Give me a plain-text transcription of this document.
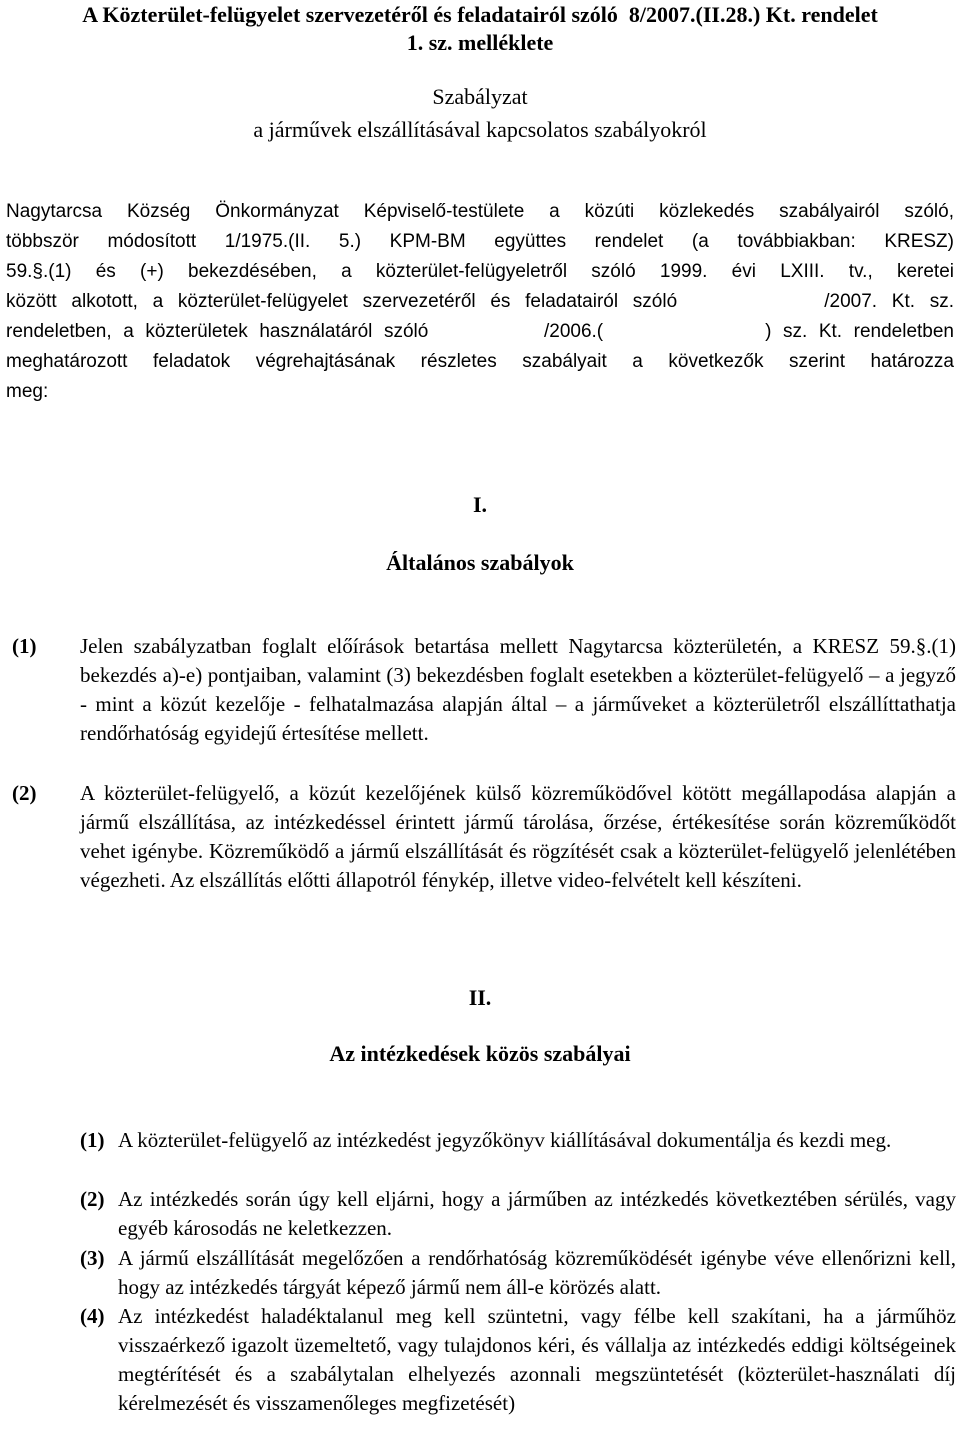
A Közterület-felügyelet szervezetéről és feladatairól szóló  8/2007.(II.28.) Kt. rendelet
1. sz. melléklete
Szabályzat
a járművek elszállításával kapcsolatos szabályokról
Nagytarcsa Község Önkormányzat Képviselő-testülete a közúti közlekedés szabályairól szóló,
többször módosított 1/1975.(II. 5.) KPM-BM együttes rendelet (a továbbiakban: KRESZ)
59.§.(1) és (+) bekezdésében, a közterület-felügyeletről szóló 1999. évi LXIII. tv., keretei
között alkotott, a közterület-felügyelet szervezetéről és feladatairól szóló          /2007. Kt. sz.
rendeletben, a közterületek használatáról szóló          /2006.(              ) sz. Kt. rendeletben
meghatározott feladatok végrehajtásának részletes szabályait a következők szerint határozza
meg:
I.
Általános szabályok
(1) Jelen szabályzatban foglalt előírások betartása mellett Nagytarcsa közterületén, a KRESZ 59.§.(1) bekezdés a)-e) pontjaiban, valamint (3) bekezdésben foglalt esetekben a közterület-felügyelő – a jegyző - mint a közút kezelője - felhatalmazása alapján által – a járműveket a közterületről elszállíttathatja rendőrhatóság egyidejű értesítése mellett.
(2) A közterület-felügyelő, a közút kezelőjének külső közreműködővel kötött megállapodása alapján a jármű elszállítása, az intézkedéssel érintett jármű tárolása, őrzése, értékesítése során közreműködőt vehet igénybe. Közreműködő a jármű elszállítását és rögzítését csak a közterület-felügyelő jelenlétében végezheti. Az elszállítás előtti állapotról fénykép, illetve video-felvételt kell készíteni.
II.
Az intézkedések közös szabályai
(1) A közterület-felügyelő az intézkedést jegyzőkönyv kiállításával dokumentálja és kezdi meg.
(2) Az intézkedés során úgy kell eljárni, hogy a járműben az intézkedés következtében sérülés, vagy egyéb károsodás ne keletkezzen.
(3) A jármű elszállítását megelőzően a rendőrhatóság közreműködését igénybe véve ellenőrizni kell, hogy az intézkedés tárgyát képező jármű nem áll-e körözés alatt.
(4) Az intézkedést haladéktalanul meg kell szüntetni, vagy félbe kell szakítani, ha a járműhöz visszaérkező igazolt üzemeltető, vagy tulajdonos kéri, és vállalja az intézkedés eddigi költségeinek megtérítését és a szabálytalan elhelyezés azonnali megszüntetését (közterület-használati díj kérelmezését és visszamenőleges megfizetését)
